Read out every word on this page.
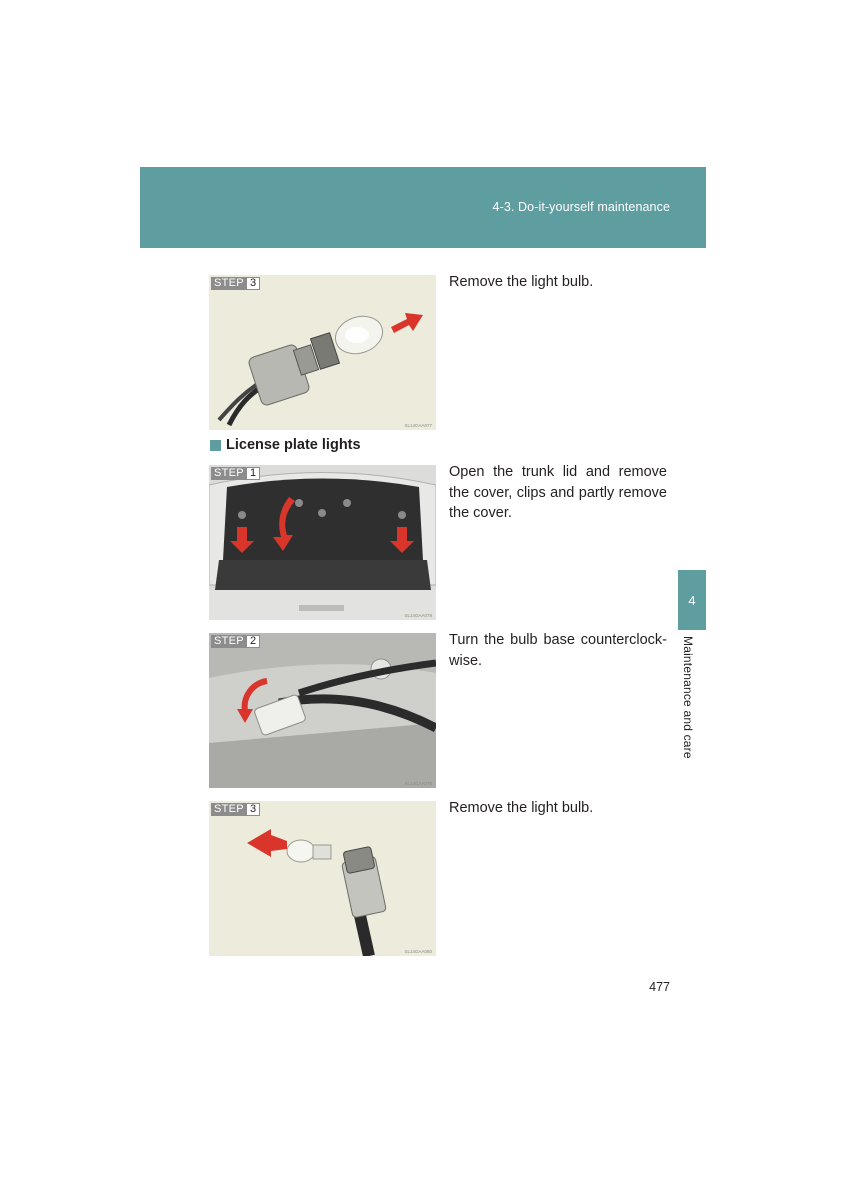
4-3. Do-it-yourself maintenance
4
Maintenance and care
STEP 3
SL14GAA077
Remove the light bulb.
License plate lights
STEP 1
SL14GAA078
Open the trunk lid and remove the cover, clips and partly remove the cover.
STEP 2
SL14GAA079
Turn the bulb base counterclock-wise.
STEP 3
SL14GAA080
Remove the light bulb.
477
